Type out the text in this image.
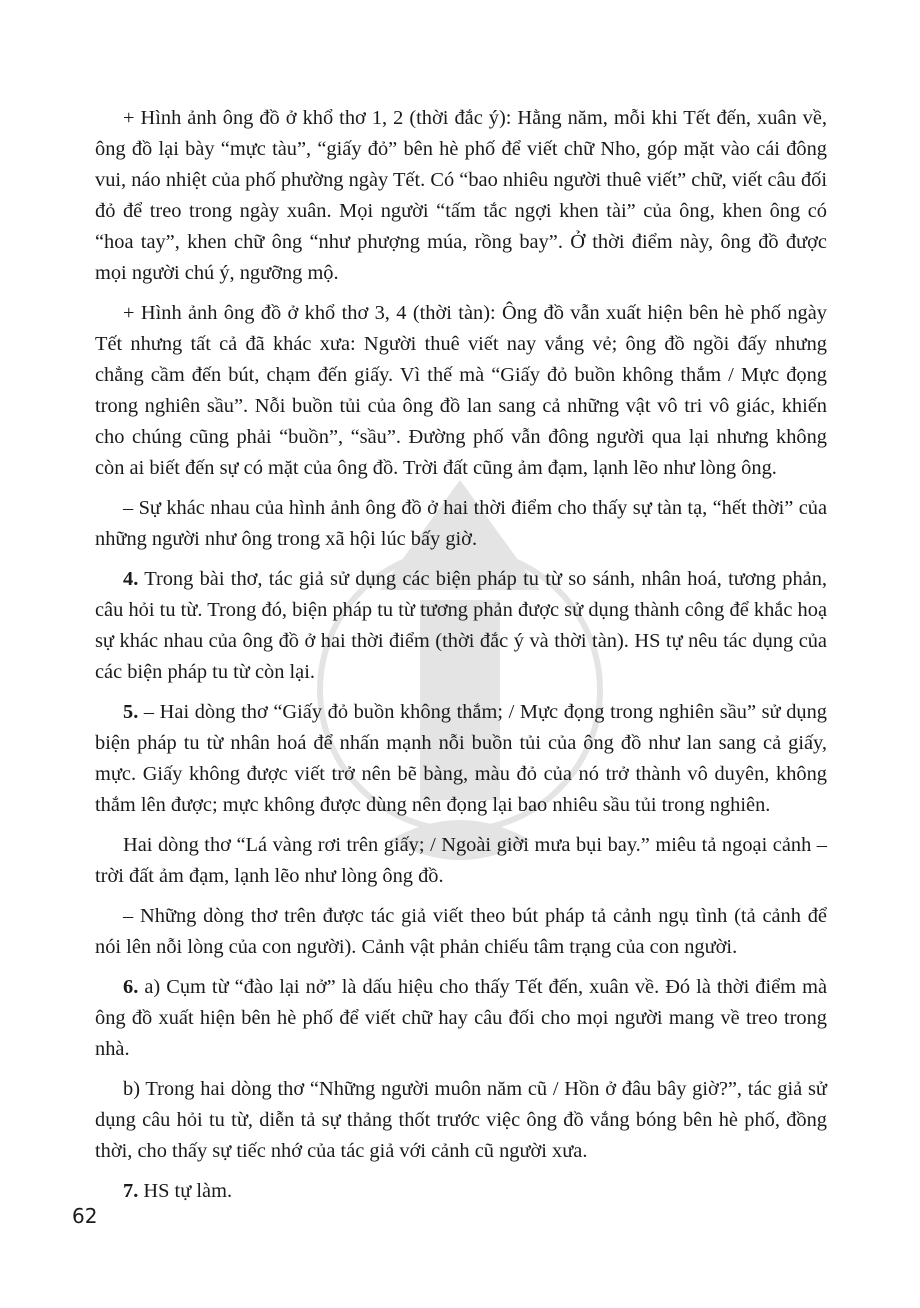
+ Hình ảnh ông đồ ở khổ thơ 1, 2 (thời đắc ý): Hằng năm, mỗi khi Tết đến, xuân về, ông đồ lại bày “mực tàu”, “giấy đỏ” bên hè phố để viết chữ Nho, góp mặt vào cái đông vui, náo nhiệt của phố phường ngày Tết. Có “bao nhiêu người thuê viết” chữ, viết câu đối đỏ để treo trong ngày xuân. Mọi người “tấm tắc ngợi khen tài” của ông, khen ông có “hoa tay”, khen chữ ông “như phượng múa, rồng bay”. Ở thời điểm này, ông đồ được mọi người chú ý, ngưỡng mộ.

+ Hình ảnh ông đồ ở khổ thơ 3, 4 (thời tàn): Ông đồ vẫn xuất hiện bên hè phố ngày Tết nhưng tất cả đã khác xưa: Người thuê viết nay vắng vẻ; ông đồ ngồi đấy nhưng chẳng cầm đến bút, chạm đến giấy. Vì thế mà “Giấy đỏ buồn không thắm / Mực đọng trong nghiên sầu”. Nỗi buồn tủi của ông đồ lan sang cả những vật vô tri vô giác, khiến cho chúng cũng phải “buồn”, “sầu”. Đường phố vẫn đông người qua lại nhưng không còn ai biết đến sự có mặt của ông đồ. Trời đất cũng ảm đạm, lạnh lẽo như lòng ông.

– Sự khác nhau của hình ảnh ông đồ ở hai thời điểm cho thấy sự tàn tạ, “hết thời” của những người như ông trong xã hội lúc bấy giờ.

4. Trong bài thơ, tác giả sử dụng các biện pháp tu từ so sánh, nhân hoá, tương phản, câu hỏi tu từ. Trong đó, biện pháp tu từ tương phản được sử dụng thành công để khắc hoạ sự khác nhau của ông đồ ở hai thời điểm (thời đắc ý và thời tàn). HS tự nêu tác dụng của các biện pháp tu từ còn lại.

5. – Hai dòng thơ “Giấy đỏ buồn không thắm; / Mực đọng trong nghiên sầu” sử dụng biện pháp tu từ nhân hoá để nhấn mạnh nỗi buồn tủi của ông đồ như lan sang cả giấy, mực. Giấy không được viết trở nên bẽ bàng, màu đỏ của nó trở thành vô duyên, không thắm lên được; mực không được dùng nên đọng lại bao nhiêu sầu tủi trong nghiên.

Hai dòng thơ “Lá vàng rơi trên giấy; / Ngoài giời mưa bụi bay.” miêu tả ngoại cảnh – trời đất ảm đạm, lạnh lẽo như lòng ông đồ.

– Những dòng thơ trên được tác giả viết theo bút pháp tả cảnh ngụ tình (tả cảnh để nói lên nỗi lòng của con người). Cảnh vật phản chiếu tâm trạng của con người.

6. a) Cụm từ “đào lại nở” là dấu hiệu cho thấy Tết đến, xuân về. Đó là thời điểm mà ông đồ xuất hiện bên hè phố để viết chữ hay câu đối cho mọi người mang về treo trong nhà.

b) Trong hai dòng thơ “Những người muôn năm cũ / Hồn ở đâu bây giờ?”, tác giả sử dụng câu hỏi tu từ, diễn tả sự thảng thốt trước việc ông đồ vắng bóng bên hè phố, đồng thời, cho thấy sự tiếc nhớ của tác giả với cảnh cũ người xưa.

7. HS tự làm.

62
